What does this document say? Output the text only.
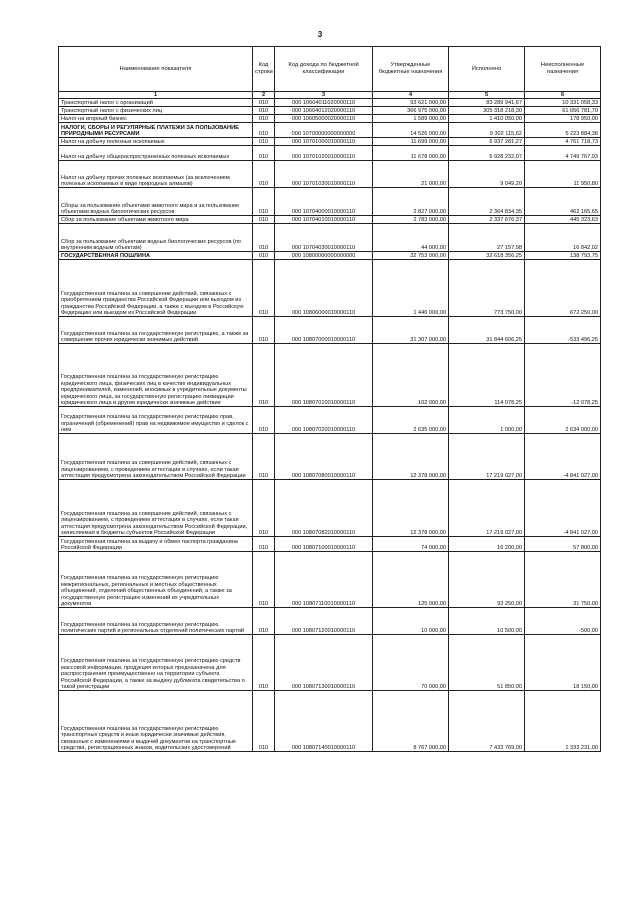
3
Наименование показателя	Код строки	Код дохода по бюджетной классификации	Утвержденные бюджетные назначения	Исполнено	Неисполненные назначения
1	2	3	4	5	6
Транспортный налог с организаций	010	000 10604011020000110	93 621 000,00	83 289 941,67	10 331 058,33
Транспортный налог с физических лиц	010	000 10604012020000110	366 975 000,00	305 318 218,30	61 656 781,70
Налог на игорный бизнес	010	000 10605000020000110	1 589 000,00	1 410 050,00	178 950,00
НАЛОГИ, СБОРЫ И РЕГУЛЯРНЫЕ ПЛАТЕЖИ ЗА ПОЛЬЗОВАНИЕ ПРИРОДНЫМИ РЕСУРСАМИ	010	000 10700000000000000	14 526 000,00	9 302 115,62	5 223 884,38
Налог на добычу полезных ископаемых	010	000 10701000010000110	11 699 000,00	6 937 281,27	4 761 718,73
Налог на добычу общераспространенных полезных ископаемых	010	000 10701020010000110	11 678 000,00	6 928 232,07	4 749 767,93
Налог на добычу прочих полезных ископаемых (за исключением полезных ископаемых в виде природных алмазов)	010	000 10701030010000110	21 000,00	9 049,20	11 950,80
Сборы за пользование объектами животного мира и за пользование объектами водных биологических ресурсов	010	000 10704000010000110	2 827 000,00	2 364 834,35	462 165,65
Сбор за пользование объектами животного мира	010	000 10704010010000110	2 783 000,00	2 337 676,37	445 323,63
Сбор за пользование объектами водных биологических ресурсов (по внутренним водным объектам)	010	000 10704030010000110	44 000,00	27 157,98	16 842,02
ГОСУДАРСТВЕННАЯ ПОШЛИНА	010	000 10800000000000000	32 753 000,00	32 618 356,25	138 793,75
Государственная пошлина за совершение действий, связанных с приобретением гражданства Российской Федерации или выходом из гражданства Российской Федерации, а также с въездом в Российскую Федерацию или выездом из Российской Федерации	010	000 10806000010000110	1 446 000,00	773 750,00	672 250,00
Государственная пошлина за государственную регистрацию, а также за совершение прочих юридически значимых действий	010	000 10807000010000110	31 307 000,00	31 844 606,25	-533 496,25
Государственная пошлина за государственную регистрацию юридического лица, физических лиц в качестве индивидуальных предпринимателей, изменений, вносимых в учредительные документы юридического лица, за государственную регистрацию ликвидации юридического лица и другие юридически значимые действия	010	000 10807010010000110	102 000,00	114 078,25	-12 078,25
Государственная пошлина за государственную регистрацию прав, ограничений (обременений) прав на недвижимое имущество и сделок с ним	010	000 10807020010000110	2 635 000,00	1 000,00	2 634 000,00
Государственная пошлина за совершение действий, связанных с лицензированием, с проведением аттестации в случаях, если такая аттестация предусмотрена законодательством Российской Федерации	010	000 10807080010000110	12 378 000,00	17 219 027,00	-4 841 027,00
Государственная пошлина за совершение действий, связанных с лицензированием, с проведением аттестации в случаях, если такая аттестация предусмотрена законодательством Российской Федерации, зачисляемая в бюджеты субъектов Российской Федерации	010	000 10807082010000110	12 378 000,00	17 219 027,00	-4 841 027,00
Государственная пошлина за выдачу и обмен паспорта гражданина Российской Федерации	010	000 10807100010000110	74 000,00	16 200,00	57 800,00
Государственная пошлина за государственную регистрацию межрегиональных, региональных и местных общественных объединений, отделений общественных объединений, а также за государственную регистрацию изменений их учредительных документов	010	000 10807110010000110	125 000,00	93 250,00	31 750,00
Государственная пошлина за государственную регистрацию политических партий и региональных отделений политических партий	010	000 10807120010000110	10 000,00	10 500,00	-500,00
Государственная пошлина за государственную регистрацию средств массовой информации, продукция которых предназначена для распространения преимущественно на территории субъекта Российской Федерации, а также за выдачу дубликата свидетельства о такой регистрации	010	000 10807130010000110	70 000,00	51 850,00	18 150,00
Государственная пошлина за государственную регистрацию транспортных средств и иные юридически значимые действия, связанные с изменениями и выдачей документов на транспортные средства, регистрационных знаков, водительских удостоверений	010	000 10807140010000110	8 767 000,00	7 433 769,00	1 333 231,00
